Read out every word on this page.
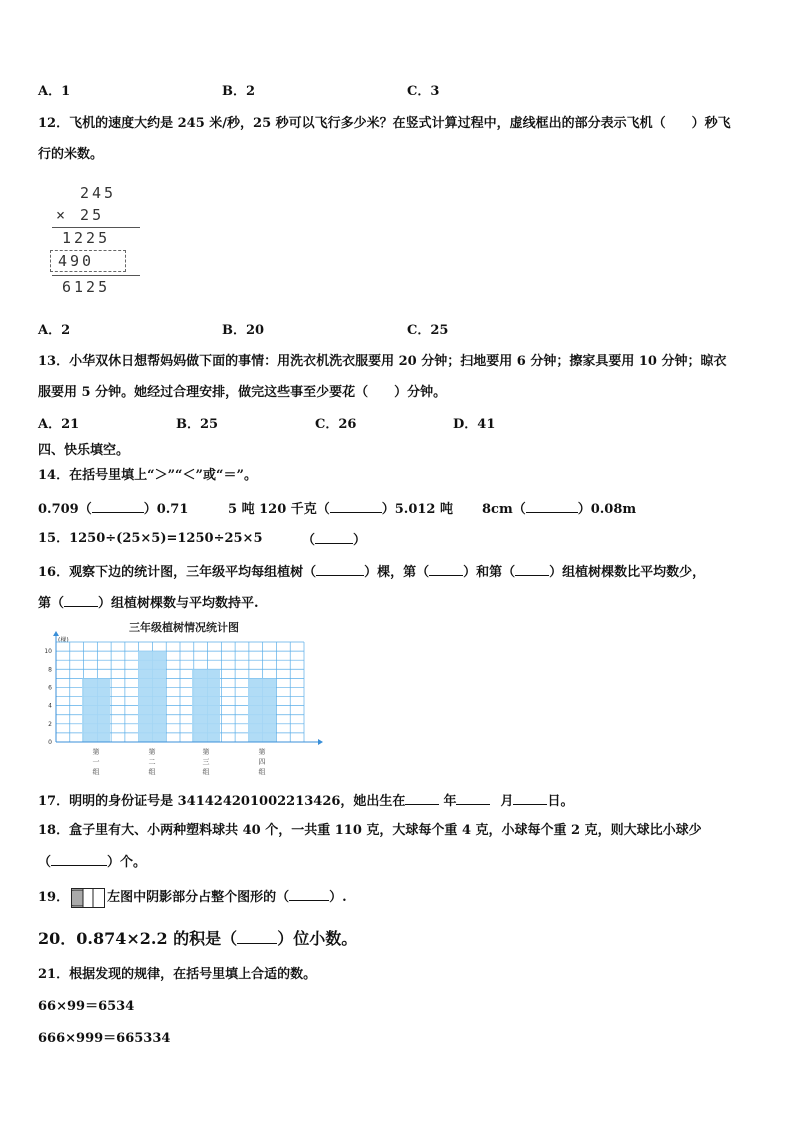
A．1	B．2	C．3
12．飞机的速度大约是 245 米/秒，25 秒可以飞行多少米？在竖式计算过程中，虚线框出的部分表示飞机（　　）秒飞
行的米数。
245
× 25
1225
490
6125
A．2	B．20	C．25
13．小华双休日想帮妈妈做下面的事情：用洗衣机洗衣服要用 20 分钟；扫地要用 6 分钟；擦家具要用 10 分钟；晾衣
服要用 5 分钟。她经过合理安排，做完这些事至少要花（　　）分钟。
A．21	B．25	C．26	D．41
四、快乐填空。
14．在括号里填上“＞”“＜”或“＝”。
0.709（	）0.71	5 吨 120 千克（	）5.012 吨 8cm（	）0.08m
15．1250÷(25×5)=1250÷25×5	（	）
16．观察下边的统计图，三年级平均每组植树（	）棵，第（	）和第（	）组植树棵数比平均数少，
第（	）组植树棵数与平均数持平.
三年级植树情况统计图
(棵)
第
一
组
第
二
组
第
三
组
第
四
组
0
2
4
6
8
10
17．明明的身份证号是 341424201002213426，她出生在	年	月	日。
18．盒子里有大、小两种塑料球共 40 个，一共重 110 克，大球每个重 4 克，小球每个重 2 克，则大球比小球少
（	）个。
19．	左图中阴影部分占整个图形的（	）.
20．0.874×2.2 的积是（	）位小数。
21．根据发现的规律，在括号里填上合适的数。
66×99＝6534
666×999＝665334
